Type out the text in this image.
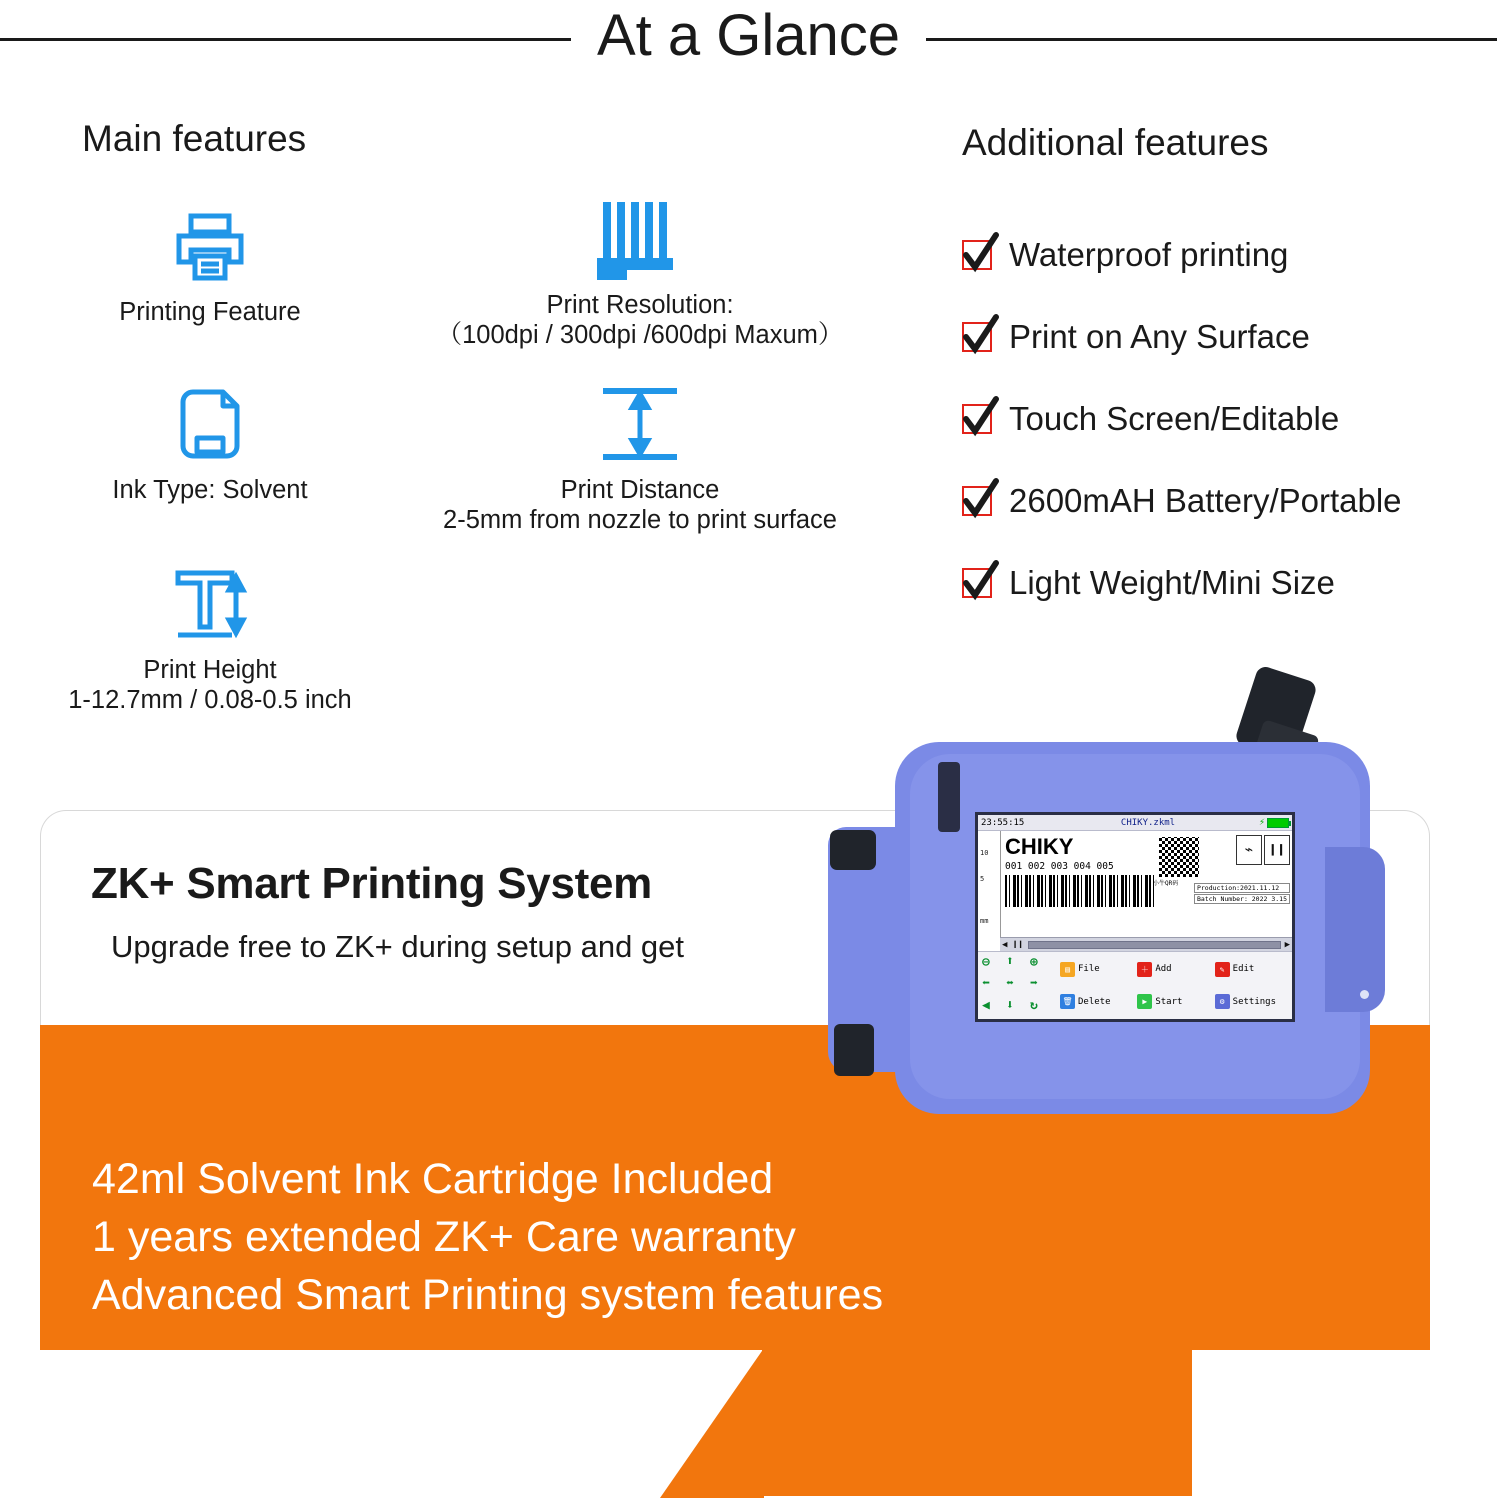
At a Glance
Main features	Additional features
Printing Feature	Print Resolution:
（100dpi / 300dpi /600dpi Maxum）
Ink Type: Solvent	Print Distance
2-5mm from nozzle to print surface
Print Height
1-12.7mm / 0.08-0.5 inch
Waterproof printing
Print on Any Surface
Touch Screen/Editable
2600mAH Battery/Portable
Light Weight/Mini Size
ZK+ Smart Printing System
Upgrade free to ZK+ during setup and get
42ml Solvent Ink Cartridge Included
1 years extended ZK+ Care warranty
Advanced Smart Printing system features
23:55:15	CHIKY.zkml	⚡
10
5
mm
CHIKY
001 002 003 004 005
小牛QR码
⌁	❙❙
Production:2021.11.12
Batch Number: 2022 3.15
◀ ❙❙	▶
⊖ ⬆ ⊕
⬅ ⬌ ➡
◀ ⬇ ↻
▤ File	＋ Add	✎ Edit
🗑 Delete	▶ Start	⚙ Settings
